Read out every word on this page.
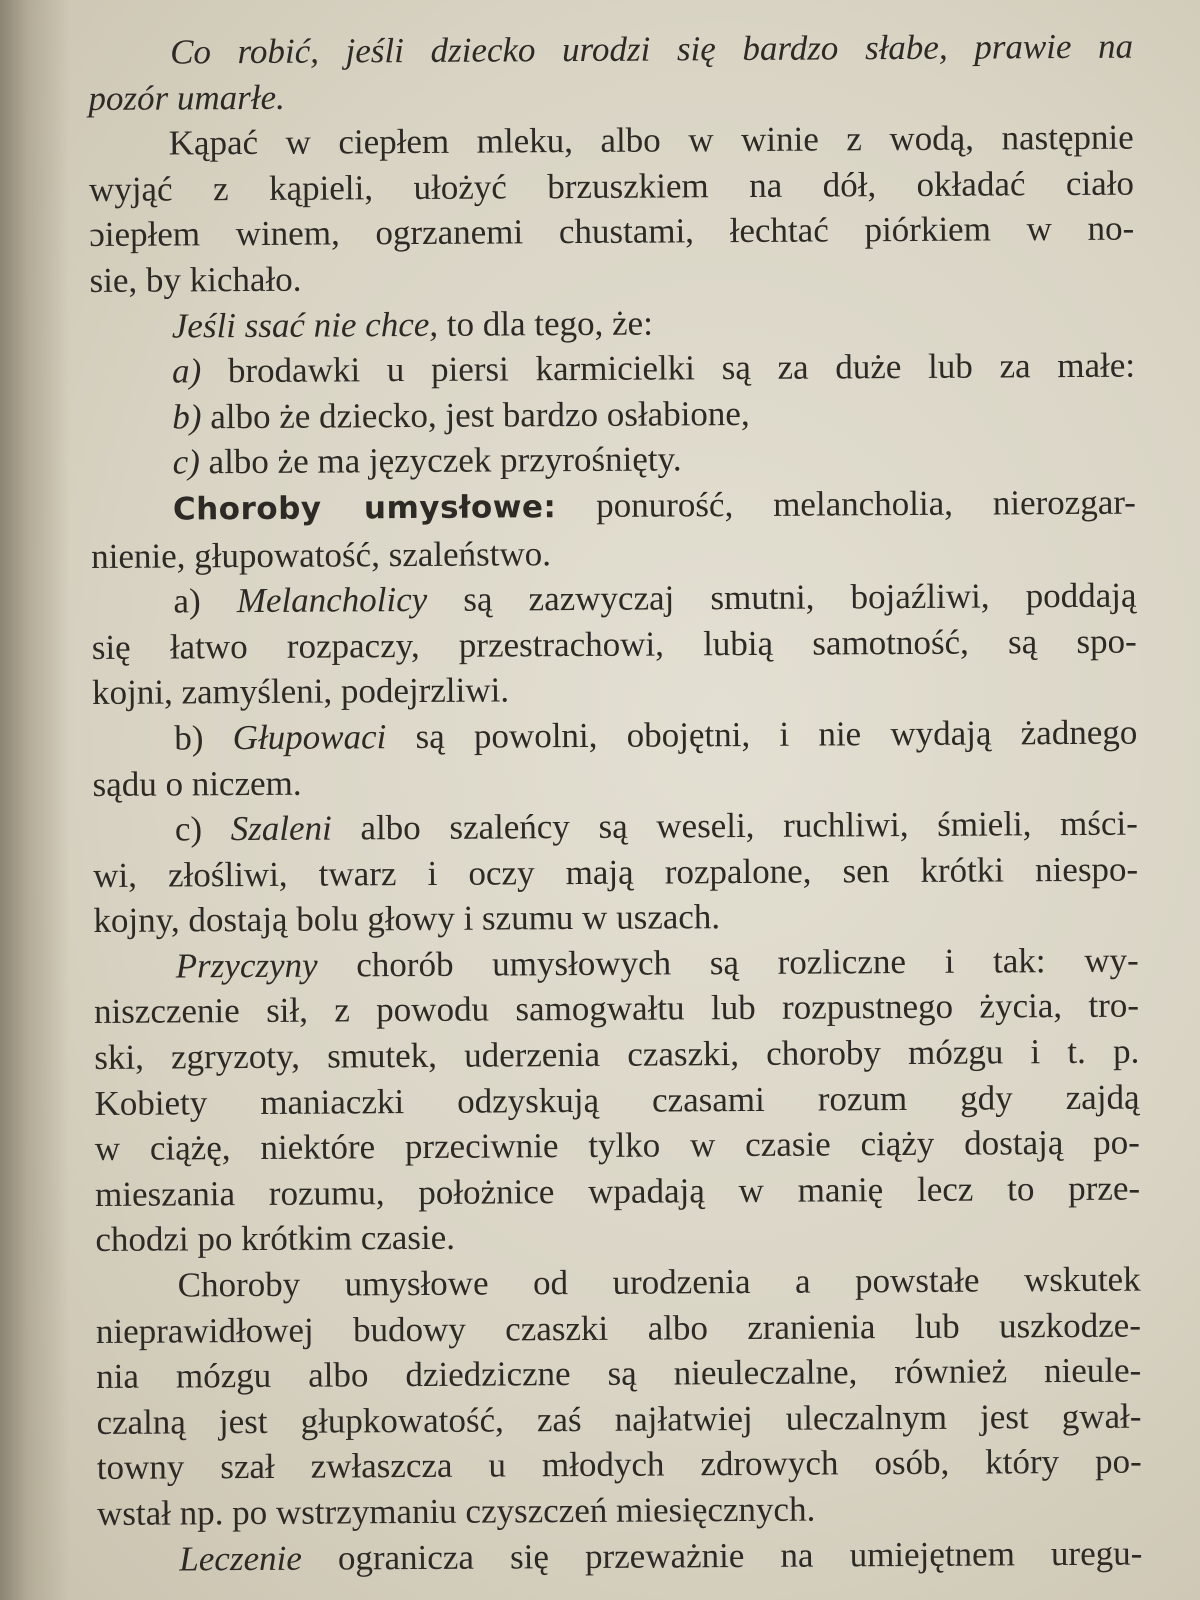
Co robić, jeśli dziecko urodzi się bardzo słabe, prawie na
pozór umarłe.
Kąpać w ciepłem mleku, albo w winie z wodą, następnie
wyjąć z kąpieli, ułożyć brzuszkiem na dół, okładać ciało
ɔiepłem winem, ogrzanemi chustami, łechtać piórkiem w no-
sie, by kichało.
Jeśli ssać nie chce, to dla tego, że:
a) brodawki u piersi karmicielki są za duże lub za małe:
b) albo że dziecko, jest bardzo osłabione,
c) albo że ma języczek przyrośnięty.
Choroby umysłowe: ponurość, melancholia, nierozgar-
nienie, głupowatość, szaleństwo.
a) Melancholicy są zazwyczaj smutni, bojaźliwi, poddają
się łatwo rozpaczy, przestrachowi, lubią samotność, są spo-
kojni, zamyśleni, podejrzliwi.
b) Głupowaci są powolni, obojętni, i nie wydają żadnego
sądu o niczem.
c) Szaleni albo szaleńcy są weseli, ruchliwi, śmieli, mści-
wi, złośliwi, twarz i oczy mają rozpalone, sen krótki niespo-
kojny, dostają bolu głowy i szumu w uszach.
Przyczyny chorób umysłowych są rozliczne i tak: wy-
niszczenie sił, z powodu samogwałtu lub rozpustnego życia, tro-
ski, zgryzoty, smutek, uderzenia czaszki, choroby mózgu i t. p.
Kobiety maniaczki odzyskują czasami rozum gdy zajdą
w ciążę, niektóre przeciwnie tylko w czasie ciąży dostają po-
mieszania rozumu, położnice wpadają w manię lecz to prze-
chodzi po krótkim czasie.
Choroby umysłowe od urodzenia a powstałe wskutek
nieprawidłowej budowy czaszki albo zranienia lub uszkodze-
nia mózgu albo dziedziczne są nieuleczalne, również nieule-
czalną jest głupkowatość, zaś najłatwiej uleczalnym jest gwał-
towny szał zwłaszcza u młodych zdrowych osób, który po-
wstał np. po wstrzymaniu czyszczeń miesięcznych.
Leczenie ogranicza się przeważnie na umiejętnem uregu-
